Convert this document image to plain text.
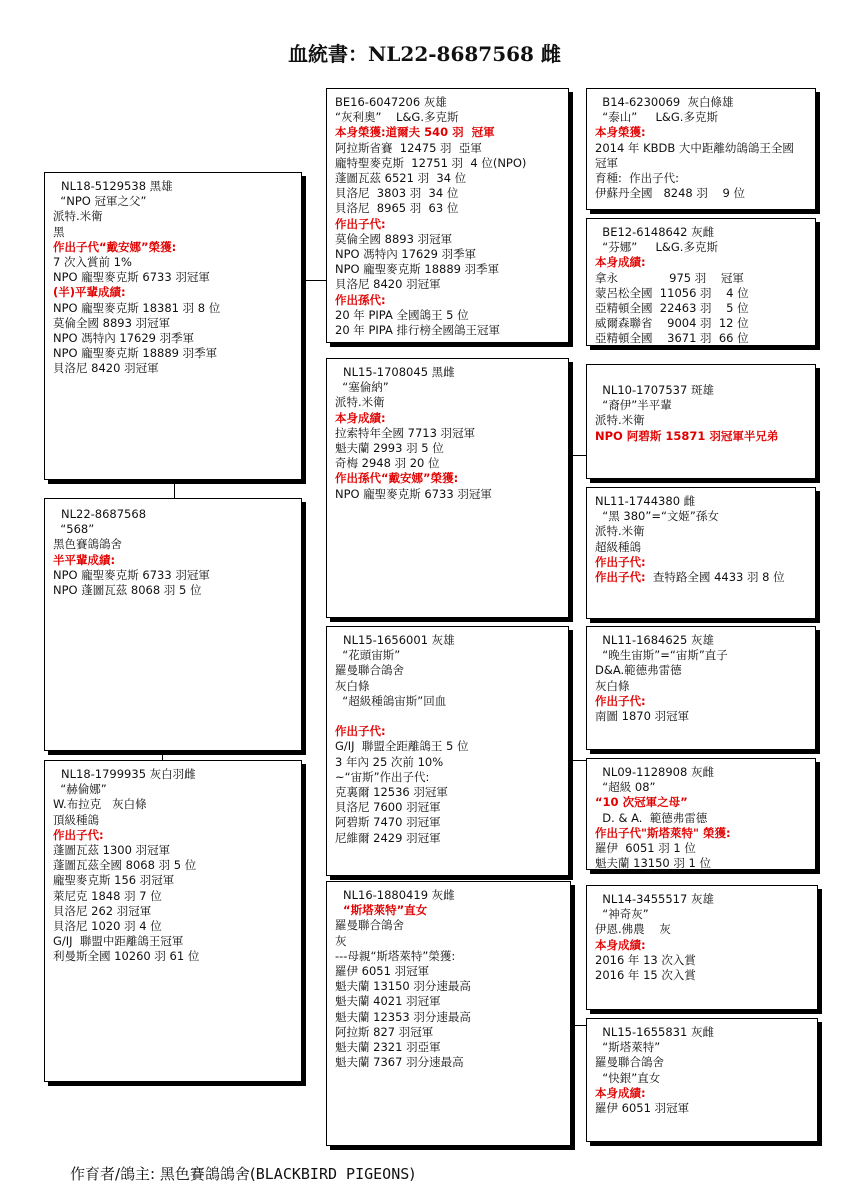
血統書：NL22-8687568 雌
NL18-5129538 黑雄
“NPO 冠軍之父”
派特.米衛
黑
作出子代“戴安娜”榮獲:
7 次入賞前 1%
NPO 龐聖麥克斯 6733 羽冠軍
(半)平輩成績:
NPO 龐聖麥克斯 18381 羽 8 位
莫倫全國 8893 羽冠軍
NPO 馮特內 17629 羽季軍
NPO 龐聖麥克斯 18889 羽季軍
貝洛尼 8420 羽冠軍
NL22-8687568
“568”
黑色賽鴿鴿舍
半平輩成績:
NPO 龐聖麥克斯 6733 羽冠軍
NPO 蓬圖瓦茲 8068 羽 5 位
NL18-1799935 灰白羽雌
“赫倫娜”
W.布拉克   灰白條
頂級種鴿
作出子代:
蓬圖瓦茲 1300 羽冠軍
蓬圖瓦茲全國 8068 羽 5 位
龐聖麥克斯 156 羽冠軍
萊尼克 1848 羽 7 位
貝洛尼 262 羽冠軍
貝洛尼 1020 羽 4 位
G/IJ  聯盟中距離鴿王冠軍
利曼斯全國 10260 羽 61 位
BE16-6047206 灰雄
“灰利奧”    L&G.多克斯
本身榮獲:道爾夫 540 羽  冠軍
阿拉斯省賽  12475 羽  亞軍
龐特聖麥克斯  12751 羽  4 位(NPO)
蓬圖瓦茲 6521 羽  34 位
貝洛尼  3803 羽  34 位
貝洛尼  8965 羽  63 位
作出子代:
莫倫全國 8893 羽冠軍
NPO 馮特內 17629 羽季軍
NPO 龐聖麥克斯 18889 羽季軍
貝洛尼 8420 羽冠軍
作出孫代:
20 年 PIPA 全國鴿王 5 位
20 年 PIPA 排行榜全國鴿王冠軍
NL15-1708045 黑雌
“塞倫納”
派特.米衛
本身成績:
拉索特年全國 7713 羽冠軍
魁夫蘭 2993 羽 5 位
奇梅 2948 羽 20 位
作出孫代“戴安娜”榮獲:
NPO 龐聖麥克斯 6733 羽冠軍
NL15-1656001 灰雄
“花頭宙斯”
羅曼聯合鴿舍
灰白條
“超級種鴿宙斯”回血

作出子代:
G/IJ  聯盟全距離鴿王 5 位
3 年內 25 次前 10%
~“宙斯”作出子代:
克裏爾 12536 羽冠軍
貝洛尼 7600 羽冠軍
阿碧斯 7470 羽冠軍
尼維爾 2429 羽冠軍
NL16-1880419 灰雌
“斯塔萊特”直女
羅曼聯合鴿舍
灰
---母親“斯塔萊特”榮獲:
羅伊 6051 羽冠軍
魁夫蘭 13150 羽分速最高
魁夫蘭 4021 羽冠軍
魁夫蘭 12353 羽分速最高
阿拉斯 827 羽冠軍
魁夫蘭 2321 羽亞軍
魁夫蘭 7367 羽分速最高
B14-6230069  灰白條雄
“泰山”     L&G.多克斯
本身榮獲:
2014 年 KBDB 大中距離幼鴿鴿王全國
冠軍
育種:  作出子代:
伊蘇丹全國   8248 羽    9 位
BE12-6148642 灰雌
“芬娜”     L&G.多克斯
本身成績:
拿永              975 羽    冠軍
蒙呂松全國  11056 羽    4 位
亞精頓全國  22463 羽    5 位
威爾森聯省    9004 羽  12 位
亞精頓全國    3671 羽  66 位
NL10-1707537 斑雄
“裔伊”半平輩
派特.米衛
NPO 阿碧斯 15871 羽冠軍半兄弟
NL11-1744380 雌
“黑 380”=“文姬”孫女
派特.米衛
超級種鴿
作出子代:
作出子代:  查特路全國 4433 羽 8 位
NL11-1684625 灰雄
“晚生宙斯”=“宙斯”直子
D&A.範德弗雷德
灰白條
作出子代:
南圖 1870 羽冠軍
NL09-1128908 灰雌
“超級 08”
“10 次冠軍之母”
D. & A.  範德弗雷德
作出子代"斯塔萊特" 榮獲:
羅伊  6051 羽 1 位
魁夫蘭 13150 羽 1 位
NL14-3455517 灰雄
“神奇灰”
伊恩.佛農    灰
本身成績:
2016 年 13 次入賞
2016 年 15 次入賞
NL15-1655831 灰雌
“斯塔萊特”
羅曼聯合鴿舍
“快銀”直女
本身成績:
羅伊 6051 羽冠軍
作育者/鴿主: 黑色賽鴿鴿舍(BLACKBIRD PIGEONS)
